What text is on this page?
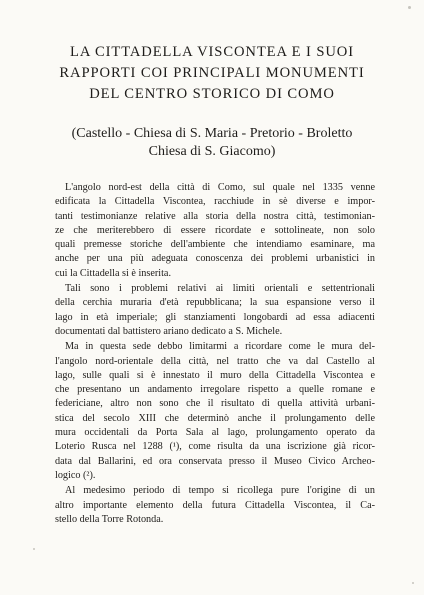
LA CITTADELLA VISCONTEA E I SUOI
RAPPORTI COI PRINCIPALI MONUMENTI
DEL CENTRO STORICO DI COMO
(Castello - Chiesa di S. Maria - Pretorio - Broletto
Chiesa di S. Giacomo)
L'angolo nord-est della città di Como, sul quale nel 1335 venne
edificata la Cittadella Viscontea, racchiude in sè diverse e impor-
tanti testimonianze relative alla storia della nostra città, testimonian-
ze che meriterebbero di essere ricordate e sottolineate, non solo
quali premesse storiche dell'ambiente che intendiamo esaminare, ma
anche per una più adeguata conoscenza dei problemi urbanistici in
cui la Cittadella si è inserita.
Tali sono i problemi relativi ai limiti orientali e settentrionali
della cerchia muraria d'età repubblicana; la sua espansione verso il
lago in età imperiale; gli stanziamenti longobardi ad essa adiacenti
documentati dal battistero ariano dedicato a S. Michele.
Ma in questa sede debbo limitarmi a ricordare come le mura del-
l'angolo nord-orientale della città, nel tratto che va dal Castello al
lago, sulle quali si è innestato il muro della Cittadella Viscontea e
che presentano un andamento irregolare rispetto a quelle romane e
federiciane, altro non sono che il risultato di quella attività urbani-
stica del secolo XIII che determinò anche il prolungamento delle
mura occidentali da Porta Sala al lago, prolungamento operato da
Loterio Rusca nel 1288 (¹), come risulta da una iscrizione già ricor-
data dal Ballarini, ed ora conservata presso il Museo Civico Archeo-
logico (²).
Al medesimo periodo di tempo si ricollega pure l'origine di un
altro importante elemento della futura Cittadella Viscontea, il Ca-
stello della Torre Rotonda.
